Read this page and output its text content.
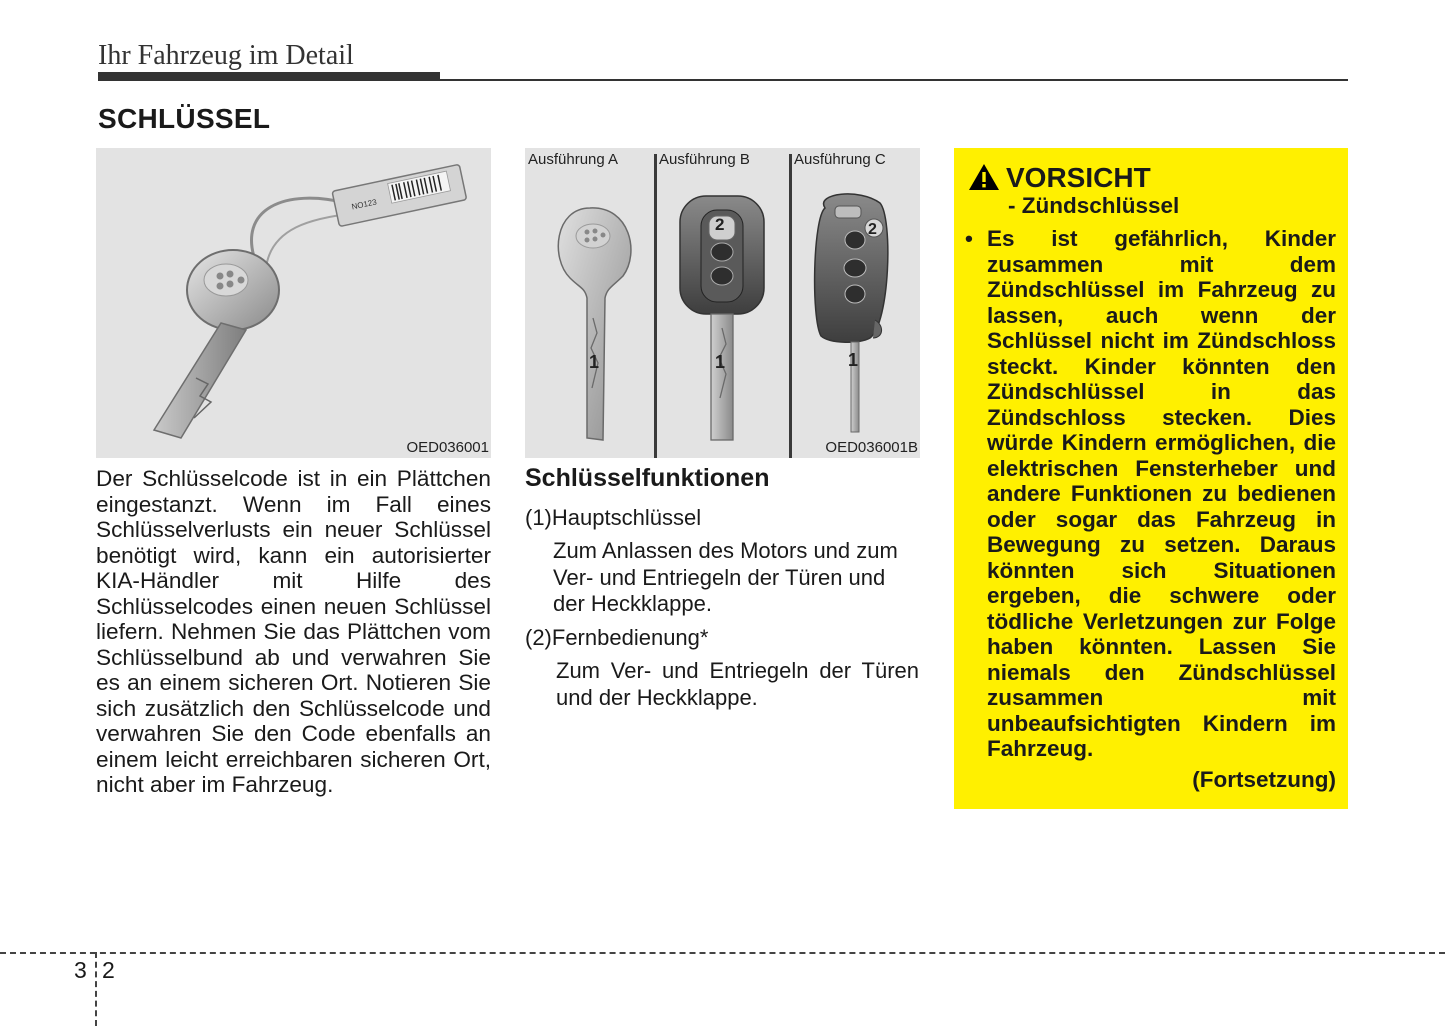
Ihr Fahrzeug im Detail
SCHLÜSSEL
NO123
OED036001
Ausführung A	Ausführung B	Ausführung C
1
2
1
2
1
OED036001B
Der Schlüsselcode ist in ein Plättchen eingestanzt. Wenn im Fall eines Schlüsselverlusts ein neuer Schlüssel benötigt wird, kann ein autorisierter KIA-Händler mit Hilfe des Schlüsselcodes einen neuen Schlüssel liefern. Nehmen Sie das Plättchen vom Schlüsselbund ab und verwahren Sie es an einem sicheren Ort. Notieren Sie sich zusätzlich den Schlüsselcode und verwahren Sie den Code ebenfalls an einem leicht erreichbaren sicheren Ort, nicht aber im Fahrzeug.
Schlüsselfunktionen
(1)Hauptschlüssel
Zum Anlassen des Motors und zum Ver- und Entriegeln der Türen und der Heckklappe.
(2)Fernbedienung*
Zum Ver- und Entriegeln der Türen und der Heckklappe.
VORSICHT
- Zündschlüssel
• Es ist gefährlich, Kinder zusammen mit dem Zündschlüssel im Fahrzeug zu lassen, auch wenn der Schlüssel nicht im Zündschloss steckt. Kinder könnten den Zündschlüssel in das Zündschloss stecken. Dies würde Kindern ermöglichen, die elektrischen Fensterheber und andere Funktionen zu bedienen oder sogar das Fahrzeug in Bewegung zu setzen. Daraus könnten sich Situationen ergeben, die schwere oder tödliche Verletzungen zur Folge haben könnten. Lassen Sie niemals den Zündschlüssel zusammen mit unbeaufsichtigten Kindern im Fahrzeug.
(Fortsetzung)
3 2
